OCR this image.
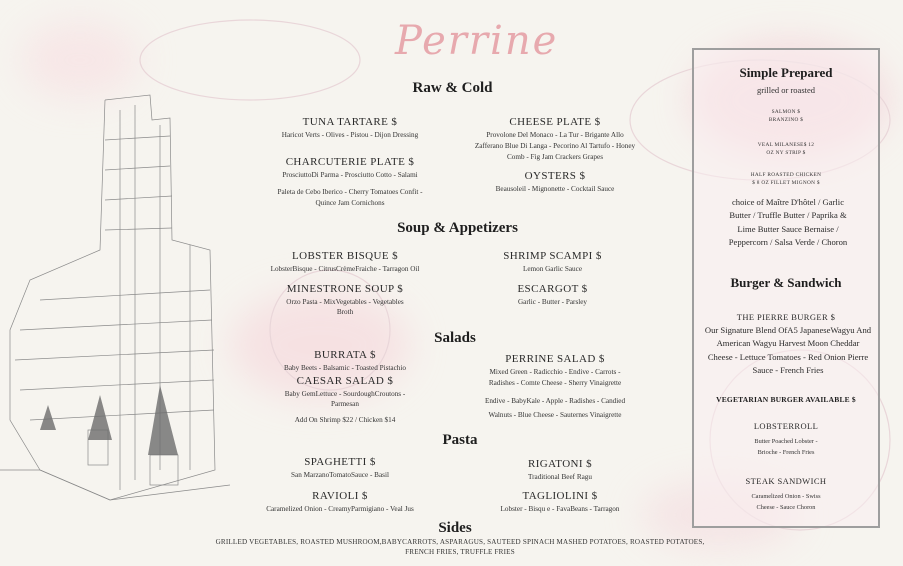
Perrine
Raw & Cold
TUNA TARTARE $
Haricot Verts - Olives - Pistou - Dijon Dressing
CHARCUTERIE PLATE $
ProsciuttoDi Parma - Prosciutto Cotto - Salami
Paleta de Cebo Iberico - Cherry Tomatoes Confit -
Quince Jam Cornichons
CHEESE PLATE $
Provolone Del Monaco - La Tur - Brigante Allo
Zafferano Blue Di Langa - Pecorino Al Tartufo - Honey
Comb - Fig Jam Crackers Grapes
OYSTERS $
Beausoleil - Mignonette - Cocktail Sauce
Soup & Appetizers
LOBSTER BISQUE $
LobsterBisque - CitrusCrèmeFraiche - Tarragon Oil
MINESTRONE SOUP $
Orzo Pasta - MixVegetables - Vegetables
Broth
SHRIMP SCAMPI $
Lemon Garlic Sauce
ESCARGOT $
Garlic - Butter - Parsley
Salads
BURRATA $
Baby Beets - Balsamic - Toasted Pistachio
CAESAR SALAD $
Baby GemLettuce - SourdoughCroutons -
Parmesan
Add On Shrimp $22 / Chicken $14
PERRINE SALAD $
Mixed Green - Radicchio - Endive - Carrots -
Radishes - Comte Cheese - Sherry Vinaigrette
Endive - BabyKale - Apple - Radishes - Candied
Walnuts - Blue Cheese - Sauternes Vinaigrette
Pasta
SPAGHETTI $
San MarzanoTomatoSauce - Basil
RAVIOLI $
Caramelized Onion - CreamyParmigiano - Veal Jus
RIGATONI $
Traditional Beef Ragu
TAGLIOLINI $
Lobster - Bisqu e - FavaBeans - Tarragon
Sides
GRILLED VEGETABLES, ROASTED MUSHROOM,BABYCARROTS, ASPARAGUS, SAUTEED SPINACH MASHED POTATOES, ROASTED POTATOES,
FRENCH FRIES, TRUFFLE FRIES
Simple Prepared
grilled or roasted
SALMON $
BRANZINO $
VEAL MILANESE$ 12
OZ NY STRIP $
HALF ROASTED CHICKEN
$ 8 OZ FILLET MIGNON $
choice of Maître D'hôtel / Garlic
Butter / Truffle Butter / Paprika &
Lime Butter Sauce Bernaise /
Peppercorn / Salsa Verde / Choron
Burger & Sandwich
THE PIERRE BURGER $
Our Signature Blend OfA5 JapaneseWagyu And
American Wagyu Harvest Moon Cheddar
Cheese - Lettuce Tomatoes - Red Onion Pierre
Sauce - French Fries
VEGETARIAN BURGER AVAILABLE $
LOBSTERROLL
Butter Poached Lobster -
Brioche - French Fries
STEAK SANDWICH
Caramelized Onion - Swiss
Cheese - Sauce Choron
